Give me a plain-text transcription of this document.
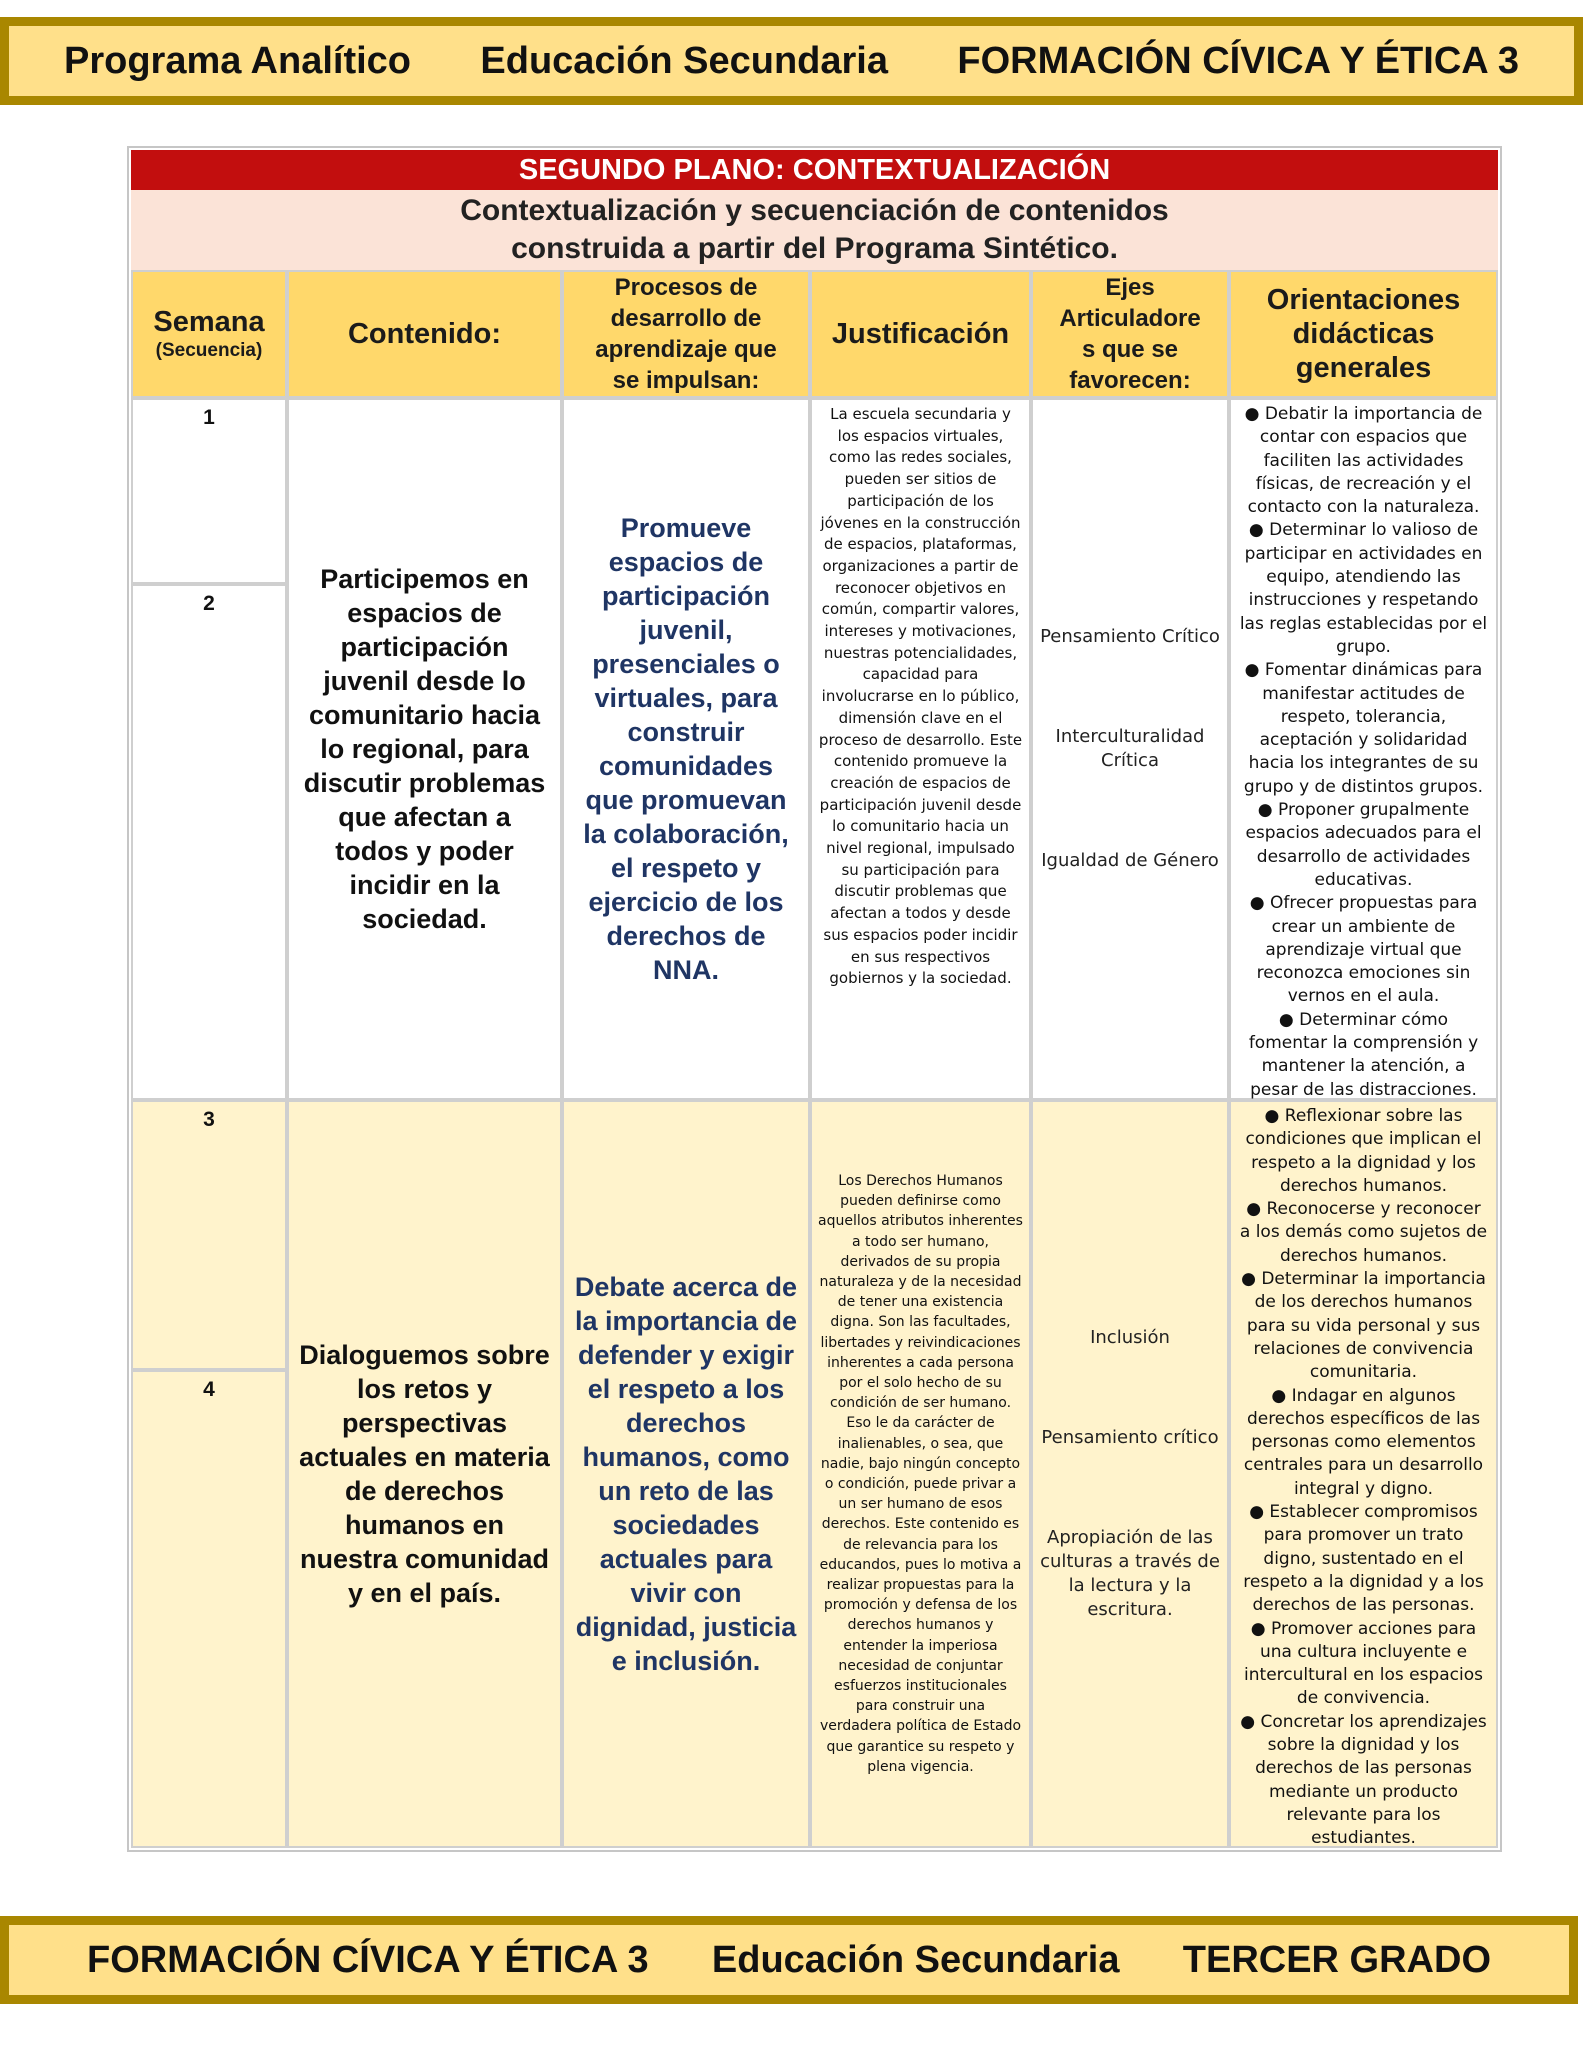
Programa Analítico Educación Secundaria FORMACIÓN CÍVICA Y ÉTICA 3
SEGUNDO PLANO: CONTEXTUALIZACIÓN
Contextualización y secuenciación de contenidos
construida a partir del Programa Sintético.
Semana
(Secuencia)
Contenido:
Procesos de
desarrollo de
aprendizaje que
se impulsan:
Justificación
Ejes
Articuladore
s que se
favorecen:
Orientaciones
didácticas
generales
1
2
Participemos en espacios de participación juvenil desde lo comunitario hacia lo regional, para discutir problemas que afectan a todos y poder incidir en la sociedad.
Promueve espacios de participación juvenil, presenciales o virtuales, para construir comunidades que promuevan la colaboración, el respeto y ejercicio de los derechos de NNA.
La escuela secundaria y los espacios virtuales, como las redes sociales, pueden ser sitios de participación de los jóvenes en la construcción de espacios, plataformas, organizaciones a partir de reconocer objetivos en común, compartir valores, intereses y motivaciones, nuestras potencialidades, capacidad para involucrarse en lo público, dimensión clave en el proceso de desarrollo. Este contenido promueve la creación de espacios de participación juvenil desde lo comunitario hacia un nivel regional, impulsado su participación para discutir problemas que afectan a todos y desde sus espacios poder incidir en sus respectivos gobiernos y la sociedad.

Pensamiento Crítico

Interculturalidad Crítica

Igualdad de Género

● Debatir la importancia de contar con espacios que faciliten las actividades físicas, de recreación y el contacto con la naturaleza.

● Determinar lo valioso de participar en actividades en equipo, atendiendo las instrucciones y respetando las reglas establecidas por el grupo.

● Fomentar dinámicas para manifestar actitudes de respeto, tolerancia, aceptación y solidaridad hacia los integrantes de su grupo y de distintos grupos.

● Proponer grupalmente espacios adecuados para el desarrollo de actividades educativas.

● Ofrecer propuestas para crear un ambiente de aprendizaje virtual que reconozca emociones sin vernos en el aula.

● Determinar cómo fomentar la comprensión y mantener la atención, a pesar de las distracciones.

3
4
Dialoguemos sobre los retos y perspectivas actuales en materia de derechos humanos en nuestra comunidad y en el país.
Debate acerca de la importancia de defender y exigir el respeto a los derechos humanos, como un reto de las sociedades actuales para vivir con dignidad, justicia e inclusión.
Los Derechos Humanos pueden definirse como aquellos atributos inherentes a todo ser humano, derivados de su propia naturaleza y de la necesidad de tener una existencia digna. Son las facultades, libertades y reivindicaciones inherentes a cada persona por el solo hecho de su condición de ser humano. Eso le da carácter de inalienables, o sea, que nadie, bajo ningún concepto o condición, puede privar a un ser humano de esos derechos. Este contenido es de relevancia para los educandos, pues lo motiva a realizar propuestas para la promoción y defensa de los derechos humanos y entender la imperiosa necesidad de conjuntar esfuerzos institucionales para construir una verdadera política de Estado que garantice su respeto y plena vigencia.

Inclusión

Pensamiento crítico

Apropiación de las culturas a través de la lectura y la escritura.

● Reflexionar sobre las condiciones que implican el respeto a la dignidad y los derechos humanos.

● Reconocerse y reconocer a los demás como sujetos de derechos humanos.

● Determinar la importancia de los derechos humanos para su vida personal y sus relaciones de convivencia comunitaria.

● Indagar en algunos derechos específicos de las personas como elementos centrales para un desarrollo integral y digno.

● Establecer compromisos para promover un trato digno, sustentado en el respeto a la dignidad y a los derechos de las personas.

● Promover acciones para una cultura incluyente e intercultural en los espacios de convivencia.

● Concretar los aprendizajes sobre la dignidad y los derechos de las personas mediante un producto relevante para los estudiantes.

FORMACIÓN CÍVICA Y ÉTICA 3 Educación Secundaria TERCER GRADO
